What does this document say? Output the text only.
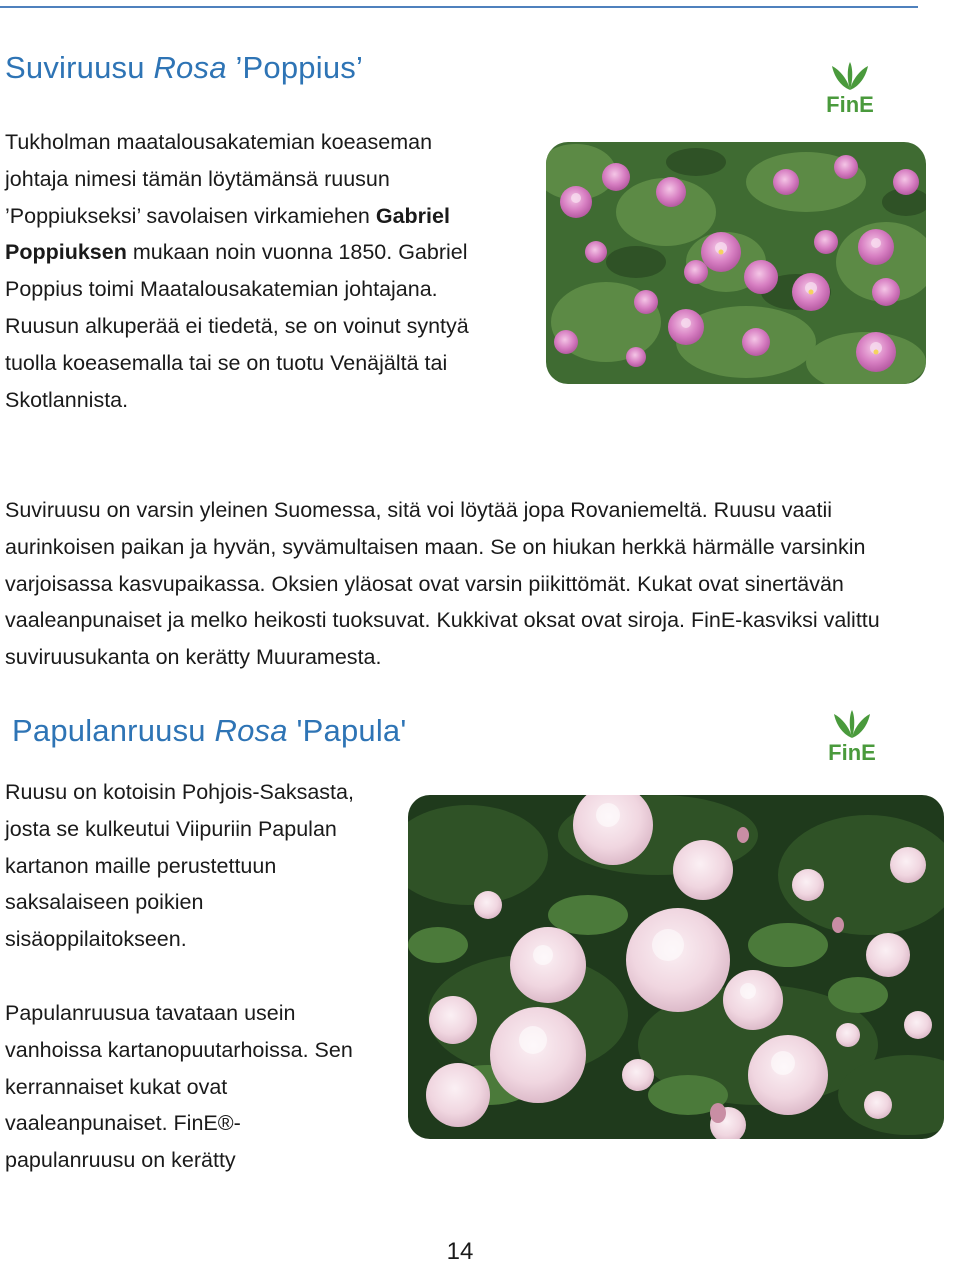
Suviruusu Rosa ’Poppius’
FinE

Tukholman maatalousakatemian koeaseman johtaja nimesi tämän löytämänsä ruusun ’Poppiukseksi’ savolaisen virkamiehen Gabriel Poppiuksen mukaan noin vuonna 1850. Gabriel Poppius toimi Maatalousakatemian johtajana. Ruusun alkuperää ei tiedetä, se on voinut syntyä tuolla koeasemalla tai se on tuotu Venäjältä tai Skotlannista.

Suviruusu on varsin yleinen Suomessa, sitä voi löytää jopa Rovaniemeltä. Ruusu vaatii aurinkoisen paikan ja hyvän, syvämultaisen maan. Se on hiukan herkkä härmälle varsinkin varjoisassa kasvupaikassa. Oksien yläosat ovat varsin piikittömät. Kukat ovat sinertävän vaaleanpunaiset ja melko heikosti tuoksuvat. Kukkivat oksat ovat siroja. FinE-kasviksi valittu suviruusukanta on kerätty Muuramesta.

Papulanruusu Rosa 'Papula'
FinE

Ruusu on kotoisin Pohjois-Saksasta, josta se kulkeutui Viipuriin Papulan kartanon maille perustettuun saksalaiseen poikien sisäoppilaitokseen.

Papulanruusua tavataan usein vanhoissa kartanopuutarhoissa. Sen kerrannaiset kukat ovat vaaleanpunaiset. FinE®-papulanruusu on kerätty

14
